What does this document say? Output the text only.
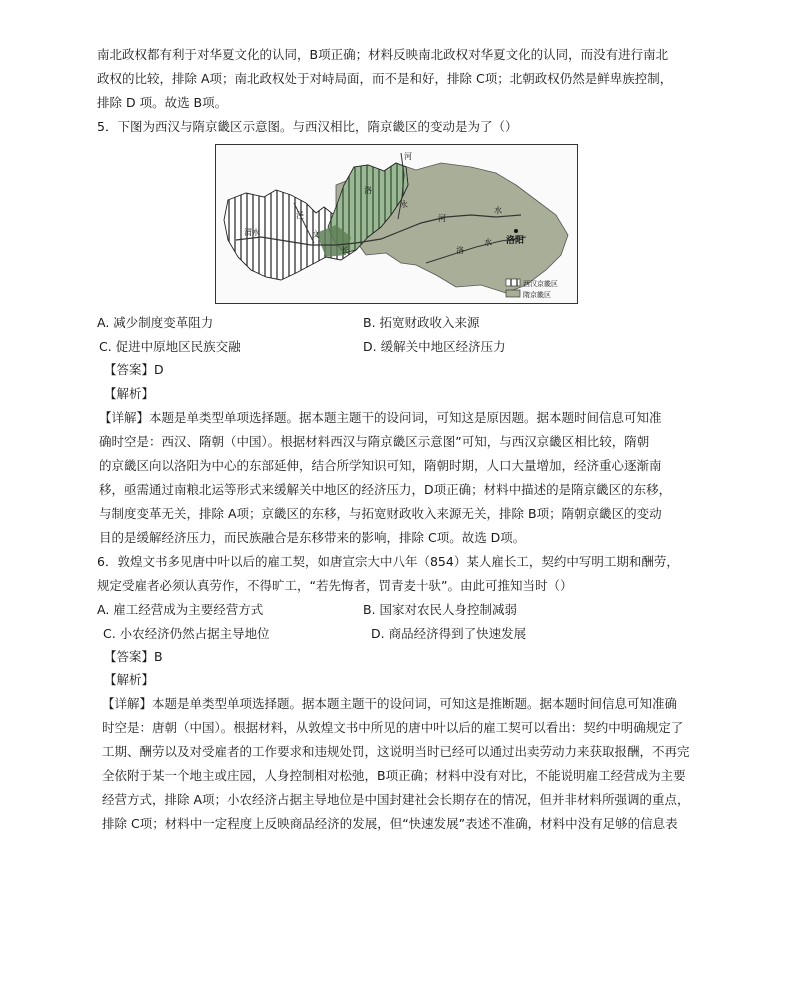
南北政权都有利于对华夏文化的认同，B项正确；材料反映南北政权对华夏文化的认同，而没有进行南北
政权的比较，排除 A项；南北政权处于对峙局面，而不是和好，排除 C项；北朝政权仍然是鲜卑族控制，
排除 D 项。故选 B项。
5．下图为西汉与隋京畿区示意图。与西汉相比，隋京畿区的变动是为了（）
河
泾
洛
永
渭水	文
长
河
水
洛
水 洛阳
西汉京畿区
隋京畿区
A. 减少制度变革阻力	B. 拓宽财政收入来源
C. 促进中原地区民族交融	D. 缓解关中地区经济压力
【答案】D
【解析】
【详解】本题是单类型单项选择题。据本题主题干的设问词，可知这是原因题。据本题时间信息可知准
确时空是：西汉、隋朝（中国）。根据材料西汉与隋京畿区示意图”可知，与西汉京畿区相比较，隋朝
的京畿区向以洛阳为中心的东部延伸，结合所学知识可知，隋朝时期，人口大量增加，经济重心逐渐南
移，亟需通过南粮北运等形式来缓解关中地区的经济压力，D项正确；材料中描述的是隋京畿区的东移，
与制度变革无关，排除 A项；京畿区的东移，与拓宽财政收入来源无关，排除 B项；隋朝京畿区的变动
目的是缓解经济压力，而民族融合是东移带来的影响，排除 C项。故选 D项。
6．敦煌文书多见唐中叶以后的雇工契，如唐宣宗大中八年（854）某人雇长工，契约中写明工期和酬劳，
规定受雇者必须认真劳作，不得旷工，“若先悔者，罚青麦十驮”。由此可推知当时（）
A. 雇工经营成为主要经营方式	B. 国家对农民人身控制减弱
C. 小农经济仍然占据主导地位	D. 商品经济得到了快速发展
【答案】B
【解析】
【详解】本题是单类型单项选择题。据本题主题干的设问词，可知这是推断题。据本题时间信息可知准确
时空是：唐朝（中国）。根据材料，从敦煌文书中所见的唐中叶以后的雇工契可以看出：契约中明确规定了
工期、酬劳以及对受雇者的工作要求和违规处罚，这说明当时已经可以通过出卖劳动力来获取报酬，不再完
全依附于某一个地主或庄园，人身控制相对松弛，B项正确；材料中没有对比，不能说明雇工经营成为主要
经营方式，排除 A项；小农经济占据主导地位是中国封建社会长期存在的情况，但并非材料所强调的重点，
排除 C项；材料中一定程度上反映商品经济的发展，但“快速发展”表述不准确，材料中没有足够的信息表
